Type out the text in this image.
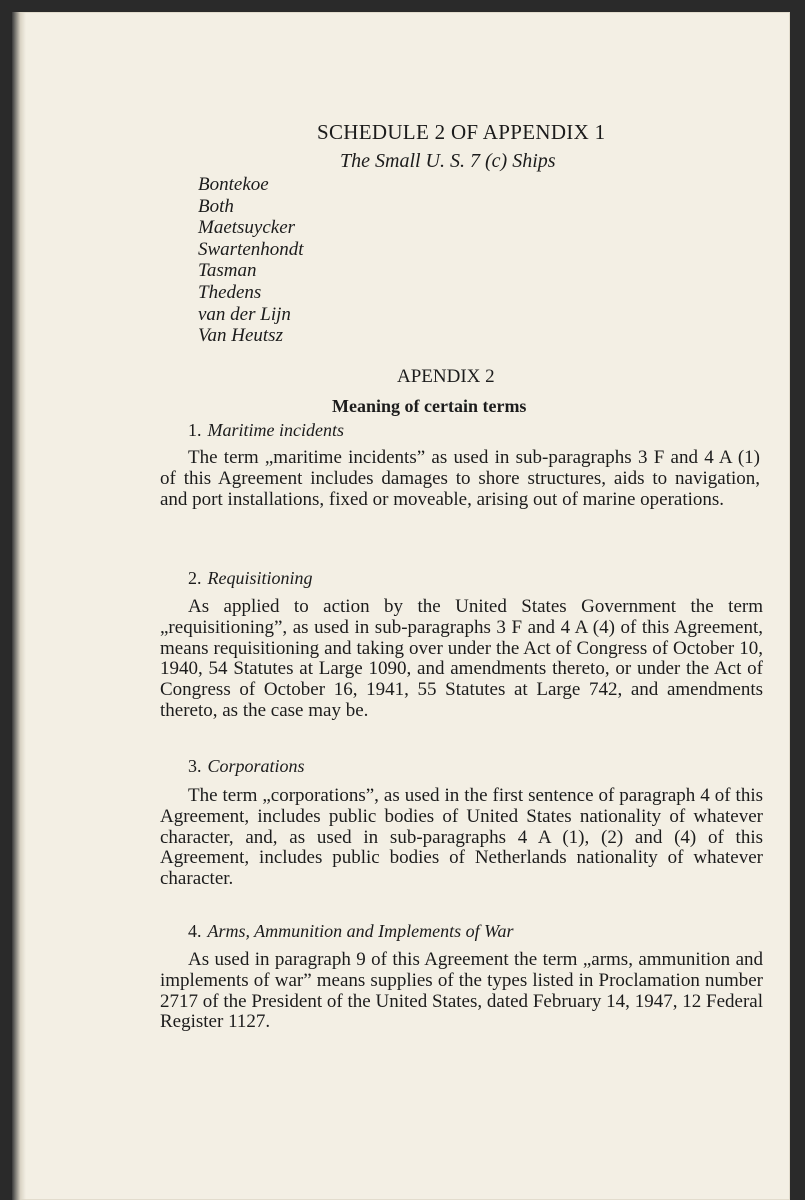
SCHEDULE 2 OF APPENDIX 1
The Small U. S. 7 (c) Ships
Bontekoe
Both
Maetsuycker
Swartenhondt
Tasman
Thedens
van der Lijn
Van Heutsz
APENDIX 2
Meaning of certain terms
1. Maritime incidents

The term „maritime incidents” as used in sub-paragraphs 3 F and 4 A (1) of this Agreement includes damages to shore structures, aids to navigation, and port installations, fixed or moveable, arising out of marine operations.

2. Requisitioning

As applied to action by the United States Government the term „requisitioning”, as used in sub-paragraphs 3 F and 4 A (4) of this Agreement, means requisitioning and taking over under the Act of Congress of October 10, 1940, 54 Statutes at Large 1090, and amendments thereto, or under the Act of Congress of October 16, 1941, 55 Statutes at Large 742, and amendments thereto, as the case may be.

3. Corporations

The term „corporations”, as used in the first sentence of paragraph 4 of this Agreement, includes public bodies of United States nationality of whatever character, and, as used in sub-paragraphs 4 A (1), (2) and (4) of this Agreement, includes public bodies of Netherlands nationality of whatever character.

4. Arms, Ammunition and Implements of War

As used in paragraph 9 of this Agreement the term „arms, ammunition and implements of war” means supplies of the types listed in Proclamation number 2717 of the President of the United States, dated February 14, 1947, 12 Federal Register 1127.
